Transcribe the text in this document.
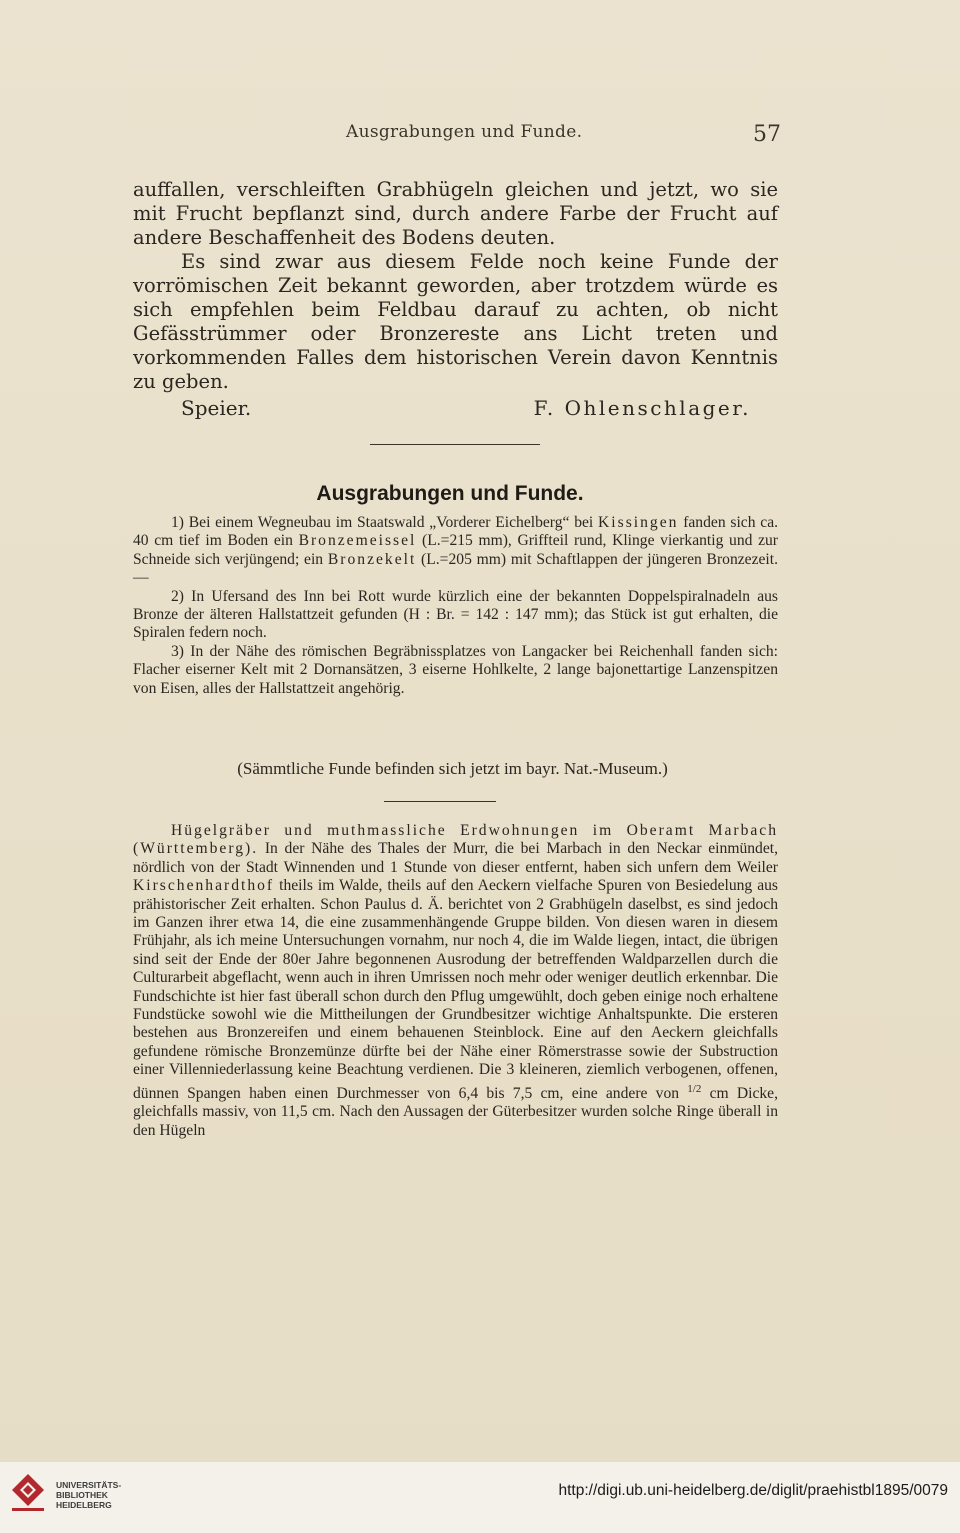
Ausgrabungen und Funde.	57

auffallen, verschleiften Grabhügeln gleichen und jetzt, wo sie mit Frucht bepflanzt sind, durch andere Farbe der Frucht auf andere Beschaffenheit des Bodens deuten.

Es sind zwar aus diesem Felde noch keine Funde der vorrömischen Zeit bekannt geworden, aber trotzdem würde es sich empfehlen beim Feldbau darauf zu achten, ob nicht Gefässtrümmer oder Bronzereste ans Licht treten und vorkommenden Falles dem historischen Verein davon Kenntnis zu geben.

Speier.	F. Ohlenschlager.
Ausgrabungen und Funde.

1) Bei einem Wegneubau im Staatswald „Vorderer Eichelberg“ bei Kissingen fanden sich ca. 40 cm tief im Boden ein Bronzemeissel (L.=215 mm), Griffteil rund, Klinge vierkantig und zur Schneide sich verjüngend; ein Bronzekelt (L.=205 mm) mit Schaftlappen der jüngeren Bronzezeit. —

2) In Ufersand des Inn bei Rott wurde kürzlich eine der bekannten Doppelspiralnadeln aus Bronze der älteren Hallstattzeit gefunden (H : Br. = 142 : 147 mm); das Stück ist gut erhalten, die Spiralen federn noch.

3) In der Nähe des römischen Begräbnissplatzes von Langacker bei Reichenhall fanden sich: Flacher eiserner Kelt mit 2 Dornansätzen, 3 eiserne Hohlkelte, 2 lange bajonettartige Lanzenspitzen von Eisen, alles der Hallstattzeit angehörig.

(Sämmtliche Funde befinden sich jetzt im bayr. Nat.-Museum.)

Hügelgräber und muthmassliche Erdwohnungen im Oberamt Marbach (Württemberg). In der Nähe des Thales der Murr, die bei Marbach in den Neckar einmündet, nördlich von der Stadt Winnenden und 1 Stunde von dieser entfernt, haben sich unfern dem Weiler Kirschenhardthof theils im Walde, theils auf den Aeckern vielfache Spuren von Besiedelung aus prähistorischer Zeit erhalten. Schon Paulus d. Ä. berichtet von 2 Grabhügeln daselbst, es sind jedoch im Ganzen ihrer etwa 14, die eine zusammenhängende Gruppe bilden. Von diesen waren in diesem Frühjahr, als ich meine Untersuchungen vornahm, nur noch 4, die im Walde liegen, intact, die übrigen sind seit der Ende der 80er Jahre begonnenen Ausrodung der betreffenden Waldparzellen durch die Culturarbeit abgeflacht, wenn auch in ihren Umrissen noch mehr oder weniger deutlich erkennbar. Die Fundschichte ist hier fast überall schon durch den Pflug umgewühlt, doch geben einige noch erhaltene Fundstücke sowohl wie die Mittheilungen der Grundbesitzer wichtige Anhaltspunkte. Die ersteren bestehen aus Bronzereifen und einem behauenen Steinblock. Eine auf den Aeckern gleichfalls gefundene römische Bronzemünze dürfte bei der Nähe einer Römerstrasse sowie der Substruction einer Villenniederlassung keine Beachtung verdienen. Die 3 kleineren, ziemlich verbogenen, offenen, dünnen Spangen haben einen Durchmesser von 6,4 bis 7,5 cm, eine andere von $^{1/2}$ cm Dicke, gleichfalls massiv, von 11,5 cm. Nach den Aussagen der Güterbesitzer wurden solche Ringe überall in den Hügeln

UNIVERSITÄTS-
BIBLIOTHEK
HEIDELBERG
http://digi.ub.uni-heidelberg.de/diglit/praehistbl1895/0079
